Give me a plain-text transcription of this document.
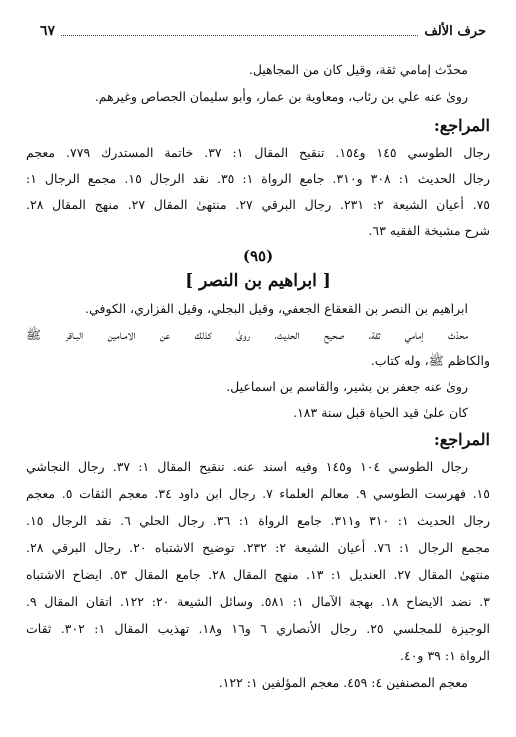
حرف الألف
٦٧
محدّث إمامي ثقة، وقيل كان من المجاهيل.
رویٰ عنه علي بن رئاب، ومعاوية بن عمار، وأبو سليمان الجصاص وغيرهم.
المراجع:
رجال الطوسي ١٤٥ و١٥٤. تنقيح المقال ١: ٣٧. خاتمة المستدرك ٧٧٩. معجم
رجال الحديث ١: ٣٠٨ و٣١٠. جامع الرواة ١: ٣٥. نقد الرجال ١٥. مجمع الرجال ١:
٧٥. أعيان الشيعة ٢: ٢٣١. رجال البرقي ٢٧. منتهىٰ المقال ٢٧. منهج المقال ٢٨.
شرح مشيخة الفقيه ٦٣.
(٩٥)
[ ابراهيم بن النصر ]
ابراهيم بن النصر بن القعقاع الجعفي، وقيل البجلي، وقيل الفزاري، الكوفي.
محدّث إمامي ثقة، صحيح الحديث، رویٰ كذلك عن الامـامين البـاقر ﷺ
والكاظم ﷺ، وله كتاب.
رویٰ عنه جعفر بن بشير، والقاسم بن اسماعيل.
كان علىٰ قيد الحياة قبل سنة ١٨٣.
المراجع:
رجال الطوسي ١٠٤ و١٤٥ وفيه اسند عنه. تنقيح المقال ١: ٣٧. رجال النجاشي
١٥. فهرست الطوسي ٩. معالم العلماء ٧. رجال ابن داود ٣٤. معجم الثقات ٥. معجم
رجال الحديث ١: ٣١٠ و٣١١. جامع الرواة ١: ٣٦. رجال الحلي ٦. نقد الرجال ١٥.
مجمع الرجال ١: ٧٦. أعيان الشيعة ٢: ٢٣٢. توضيح الاشتباه ٢٠. رجال البرقي ٢٨.
منتهىٰ المقال ٢٧. العنديل ١: ١٣. منهج المقال ٢٨. جامع المقال ٥٣. ايضاح الاشتباه
٣. نضد الايضاح ١٨. بهجة الآمال ١: ٥٨١. وسائل الشيعة ٢٠: ١٢٢. اتقان المقال ٩.
الوجيزة للمجلسي ٢٥. رجال الأنصاري ٦ و١٦ و١٨. تهذيب المقال ١: ٣٠٢. ثقات
الرواة ١: ٣٩ و٤٠.
معجم المصنفين ٤: ٤٥٩. معجم المؤلفين ١: ١٢٢.
